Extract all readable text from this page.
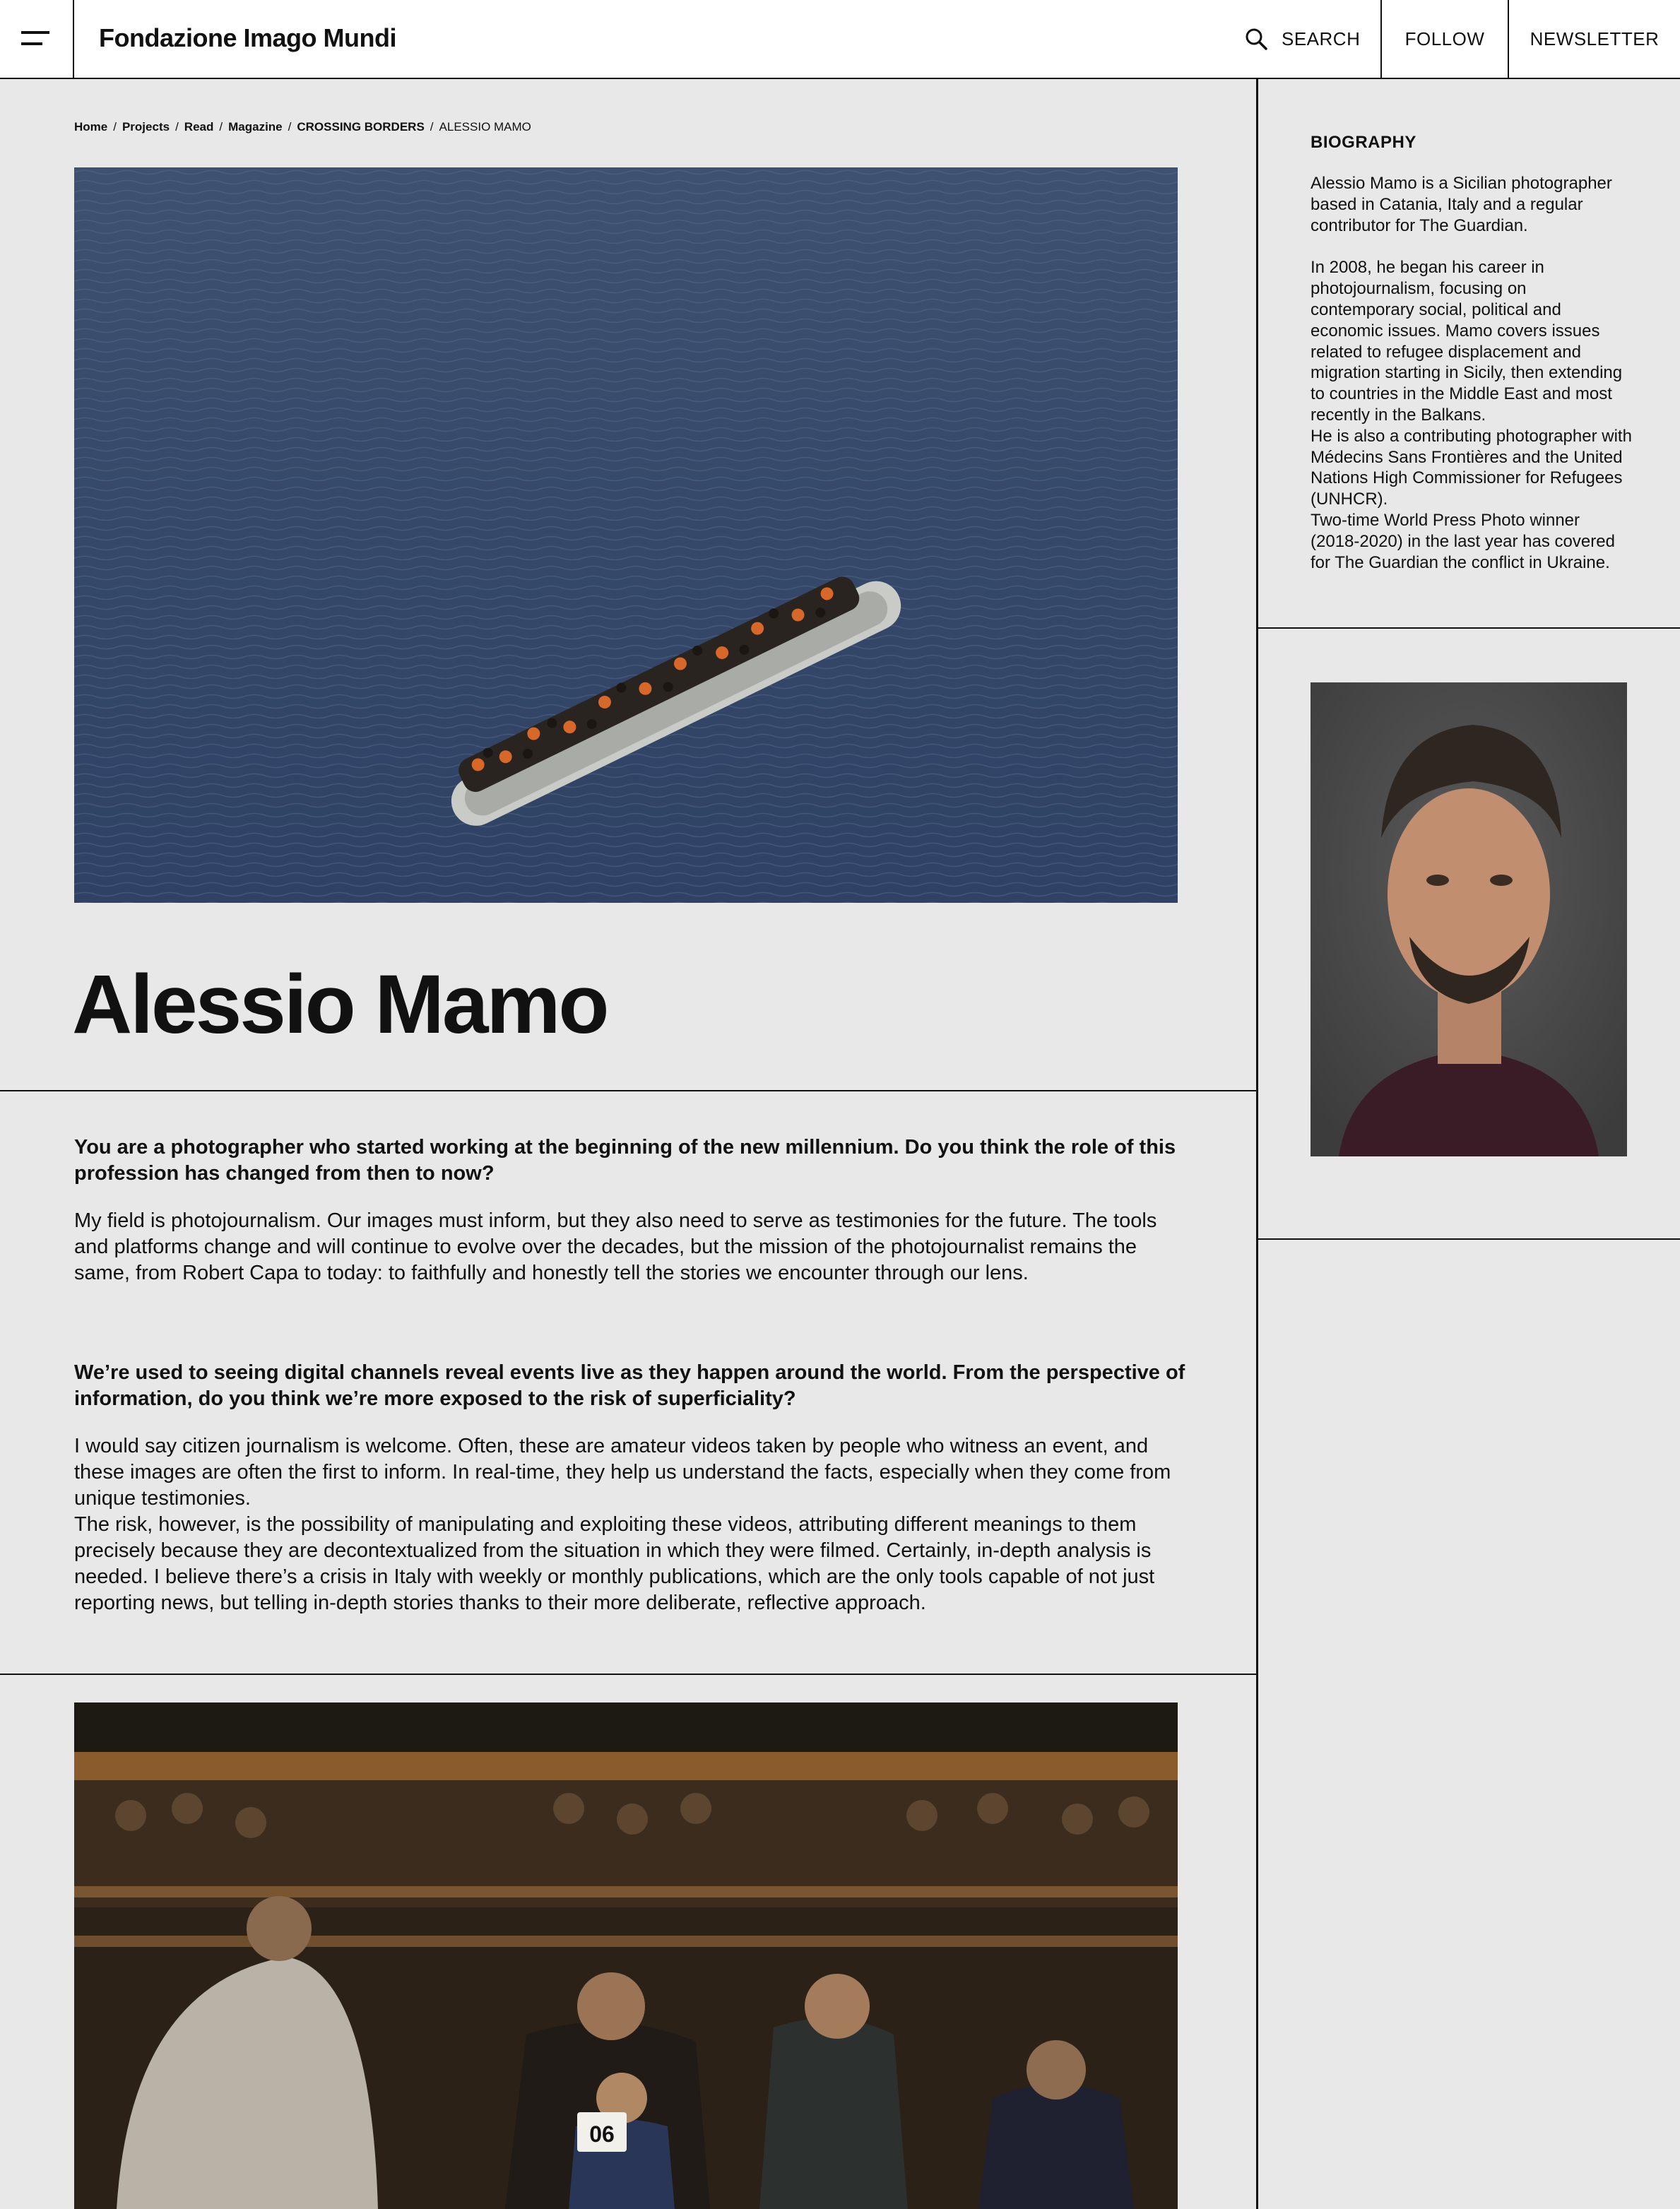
Fondazione Imago Mundi	SEARCH	FOLLOW	NEWSLETTER
Home / Projects / Read / Magazine / CROSSING BORDERS / ALESSIO MAMO
Alessio Mamo

You are a photographer who started working at the beginning of the new millennium. Do you think the role of this profession has changed from then to now?

My field is photojournalism. Our images must inform, but they also need to serve as testimonies for the future. The tools and platforms change and will continue to evolve over the decades, but the mission of the photojournalist remains the same, from Robert Capa to today: to faithfully and honestly tell the stories we encounter through our lens.

We’re used to seeing digital channels reveal events live as they happen around the world. From the perspective of information, do you think we’re more exposed to the risk of superficiality?

I would say citizen journalism is welcome. Often, these are amateur videos taken by people who witness an event, and these images are often the first to inform. In real-time, they help us understand the facts, especially when they come from unique testimonies.

The risk, however, is the possibility of manipulating and exploiting these videos, attributing different meanings to them precisely because they are decontextualized from the situation in which they were filmed. Certainly, in-depth analysis is needed. I believe there’s a crisis in Italy with weekly or monthly publications, which are the only tools capable of not just reporting news, but telling in-depth stories thanks to their more deliberate, reflective approach.

06
BIOGRAPHY

Alessio Mamo is a Sicilian photographer based in Catania, Italy and a regular contributor for The Guardian.

In 2008, he began his career in photojournalism, focusing on contemporary social, political and economic issues. Mamo covers issues related to refugee displacement and migration starting in Sicily, then extending to countries in the Middle East and most recently in the Balkans.

He is also a contributing photographer with Médecins Sans Frontières and the United Nations High Commissioner for Refugees (UNHCR).

Two-time World Press Photo winner (2018-2020) in the last year has covered for The Guardian the conflict in Ukraine.
